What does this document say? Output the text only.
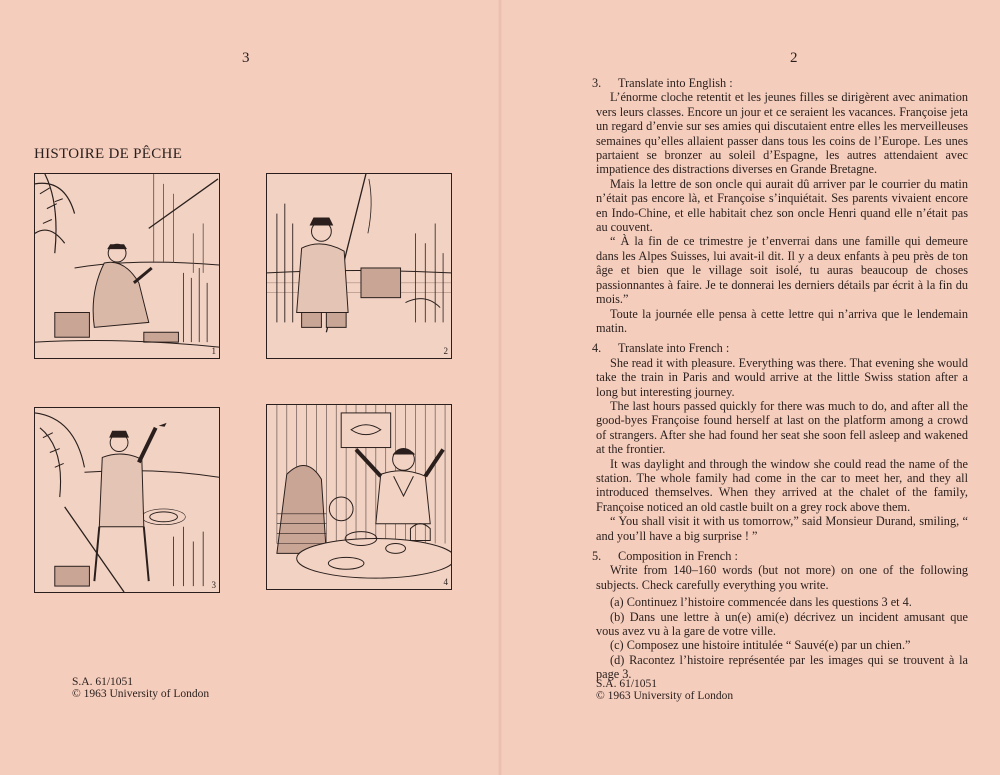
3
HISTOIRE DE PÊCHE
1	2
3	4
S.A. 61/1051
© 1963 University of London
2
3.	Translate into English :

L’énorme cloche retentit et les jeunes filles se dirigèrent avec animation vers leurs classes. Encore un jour et ce seraient les vacances. Françoise jeta un regard d’envie sur ses amies qui discutaient entre elles les merveilleuses semaines qu’elles allaient passer dans tous les coins de l’Europe. Les unes partaient se bronzer au soleil d’Espagne, les autres attendaient avec impatience des distractions diverses en Grande Bretagne.

Mais la lettre de son oncle qui aurait dû arriver par le courrier du matin n’était pas encore là, et Françoise s’inquiétait. Ses parents vivaient encore en Indo-Chine, et elle habitait chez son oncle Henri quand elle n’était pas au couvent.

“ À la fin de ce trimestre je t’enverrai dans une famille qui demeure dans les Alpes Suisses, lui avait-il dit. Il y a deux enfants à peu près de ton âge et bien que le village soit isolé, tu auras beaucoup de choses passionnantes à faire. Je te donnerai les derniers détails par écrit à la fin du mois.”

Toute la journée elle pensa à cette lettre qui n’arriva que le lendemain matin.

4.	Translate into French :

She read it with pleasure. Everything was there. That evening she would take the train in Paris and would arrive at the little Swiss station after a long but interesting journey.

The last hours passed quickly for there was much to do, and after all the good-byes Françoise found herself at last on the platform among a crowd of strangers. After she had found her seat she soon fell asleep and wakened at the frontier.

It was daylight and through the window she could read the name of the station. The whole family had come in the car to meet her, and they all introduced themselves. When they arrived at the chalet of the family, Françoise noticed an old castle built on a grey rock above them.

“ You shall visit it with us tomorrow,” said Monsieur Durand, smiling, “ and you’ll have a big surprise ! ”

5.	Composition in French :

Write from 140–160 words (but not more) on one of the following subjects. Check carefully everything you write.

(a) Continuez l’histoire commencée dans les questions 3 et 4.

(b) Dans une lettre à un(e) ami(e) décrivez un incident amusant que vous avez vu à la gare de votre ville.

(c) Composez une histoire intitulée “ Sauvé(e) par un chien.”

(d) Racontez l’histoire représentée par les images qui se trouvent à la page 3.

S.A. 61/1051
© 1963 University of London
